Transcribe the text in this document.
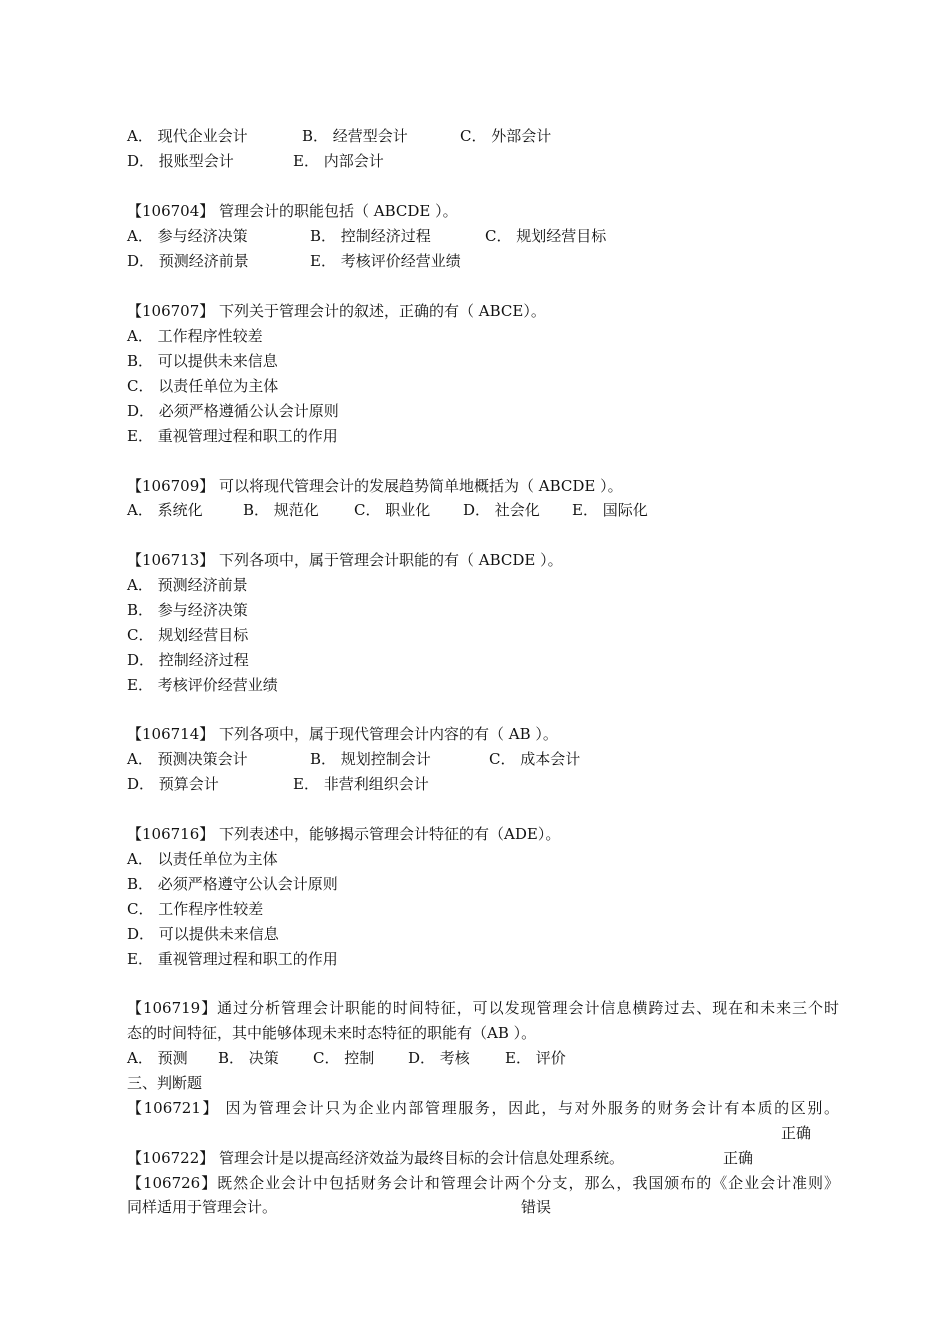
A． 现代企业会计	B． 经营型会计	C． 外部会计
D． 报账型会计	E． 内部会计
【106704】 管理会计的职能包括（ ABCDE ）。
A． 参与经济决策	B． 控制经济过程	C． 规划经营目标
D． 预测经济前景	E． 考核评价经营业绩
【106707】 下列关于管理会计的叙述，正确的有（ ABCE）。
A． 工作程序性较差
B． 可以提供未来信息
C． 以责任单位为主体
D． 必须严格遵循公认会计原则
E． 重视管理过程和职工的作用
【106709】 可以将现代管理会计的发展趋势简单地概括为（ ABCDE ）。
A． 系统化	B． 规范化 C． 职业化 D． 社会化 E． 国际化
【106713】 下列各项中，属于管理会计职能的有（ ABCDE ）。
A． 预测经济前景
B． 参与经济决策
C． 规划经营目标
D． 控制经济过程
E． 考核评价经营业绩
【106714】 下列各项中，属于现代管理会计内容的有（ AB ）。
A． 预测决策会计	B． 规划控制会计	C． 成本会计
D． 预算会计	E． 非营利组织会计
【106716】 下列表述中，能够揭示管理会计特征的有（ADE）。
A． 以责任单位为主体
B． 必须严格遵守公认会计原则
C． 工作程序性较差
D． 可以提供未来信息
E． 重视管理过程和职工的作用
【106719】通过分析管理会计职能的时间特征，可以发现管理会计信息横跨过去、现在和未来三个时
态的时间特征，其中能够体现未来时态特征的职能有（AB ）。
A． 预测 B． 决策 C． 控制 D． 考核 E． 评价
三、判断题
【106721】 因为管理会计只为企业内部管理服务，因此，与对外服务的财务会计有本质的区别。
正确
【106722】 管理会计是以提高经济效益为最终目标的会计信息处理系统。	正确
【106726】既然企业会计中包括财务会计和管理会计两个分支，那么，我国颁布的《企业会计准则》
同样适用于管理会计。	错误
